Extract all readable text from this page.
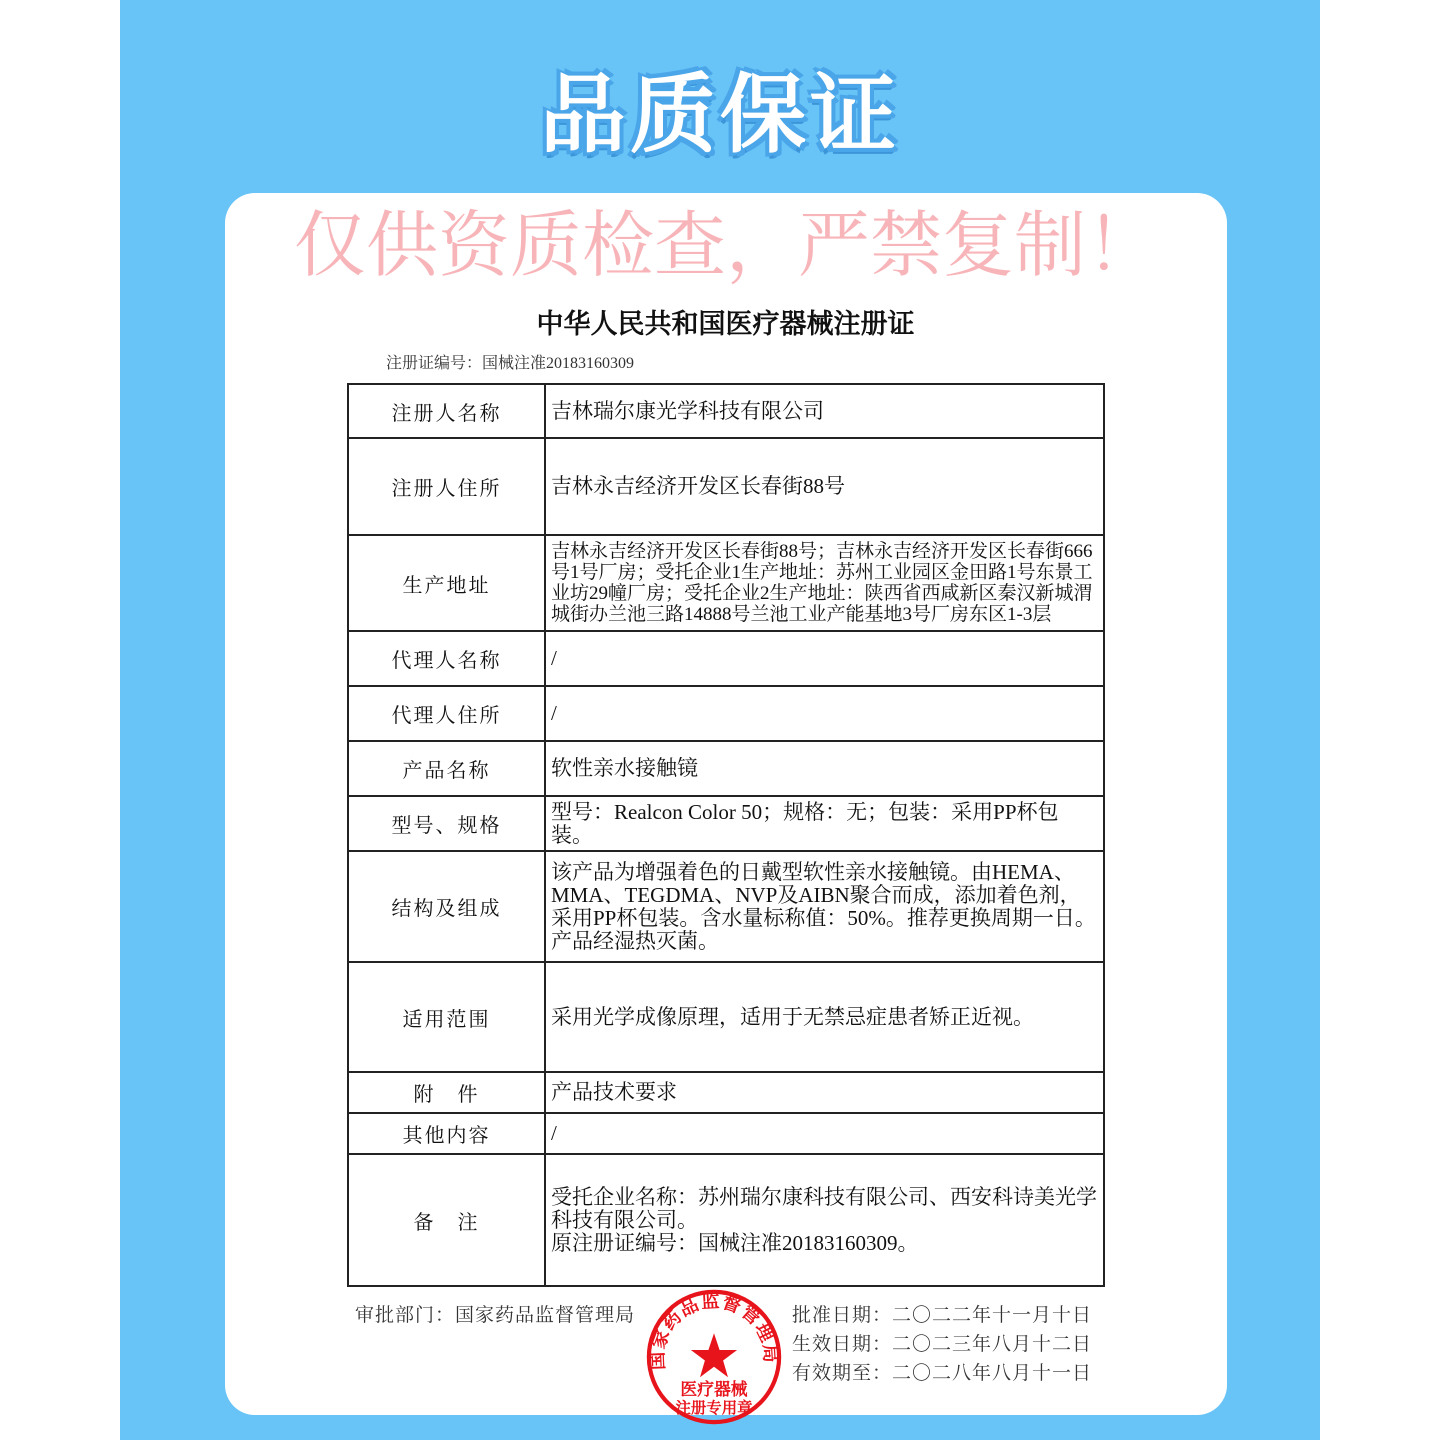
品质保证
仅供资质检查，严禁复制！
中华人民共和国医疗器械注册证
注册证编号：国械注准20183160309
注册人名称	吉林瑞尔康光学科技有限公司
注册人住所	吉林永吉经济开发区长春街88号
生产地址	吉林永吉经济开发区长春街88号；吉林永吉经济开发区长春街666号1号厂房；受托企业1生产地址：苏州工业园区金田路1号东景工业坊29幢厂房；受托企业2生产地址：陕西省西咸新区秦汉新城渭城街办兰池三路14888号兰池工业产能基地3号厂房东区1-3层
代理人名称	/
代理人住所	/
产品名称	软性亲水接触镜
型号、规格	型号：Realcon Color 50；规格：无；包装：采用PP杯包装。
结构及组成	该产品为增强着色的日戴型软性亲水接触镜。由HEMA、MMA、TEGDMA、NVP及AIBN聚合而成，添加着色剂，采用PP杯包装。含水量标称值：50%。推荐更换周期一日。产品经湿热灭菌。
适用范围	采用光学成像原理，适用于无禁忌症患者矫正近视。
附　件	产品技术要求
其他内容	/
备　注	受托企业名称：苏州瑞尔康科技有限公司、西安科诗美光学科技有限公司。
原注册证编号：国械注准20183160309。
审批部门：国家药品监督管理局	批准日期：二〇二二年十一月十日
生效日期：二〇二三年八月十二日
有效期至：二〇二八年八月十一日
国家药品监督管理局
医疗器械
注册专用章
